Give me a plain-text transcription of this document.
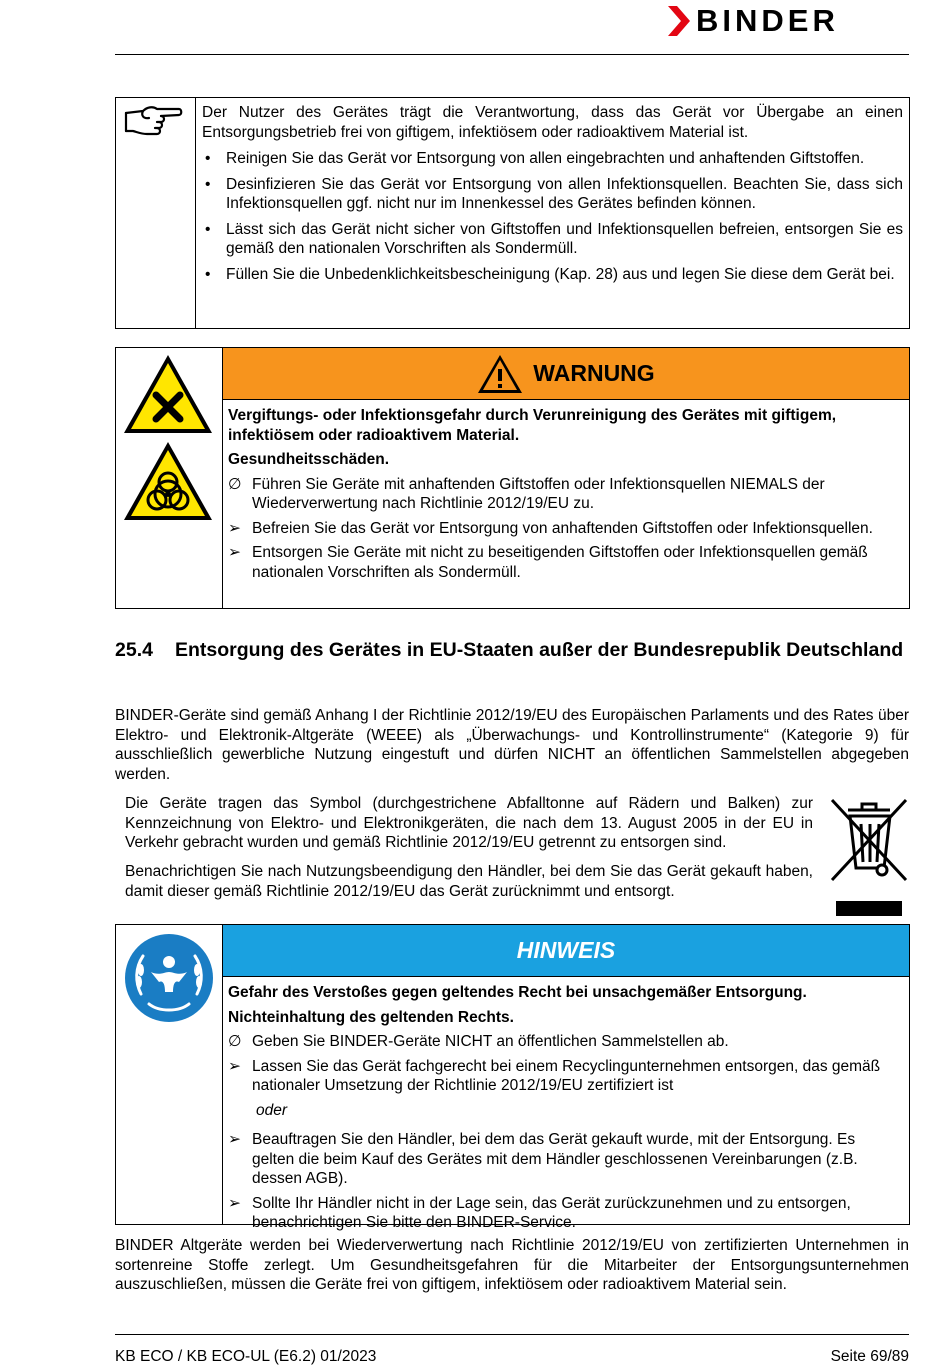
BINDER

Der Nutzer des Gerätes trägt die Verantwortung, dass das Gerät vor Übergabe an einen Entsorgungsbetrieb frei von giftigem, infektiösem oder radioaktivem Material ist.

• Reinigen Sie das Gerät vor Entsorgung von allen eingebrachten und anhaftenden Giftstoffen.
• Desinfizieren Sie das Gerät vor Entsorgung von allen Infektionsquellen. Beachten Sie, dass sich Infektionsquellen ggf. nicht nur im Innenkessel des Gerätes befinden können.
• Lässt sich das Gerät nicht sicher von Giftstoffen und Infektionsquellen befreien, entsorgen Sie es gemäß den nationalen Vorschriften als Sondermüll.
• Füllen Sie die Unbedenklichkeitsbescheinigung (Kap. 28) aus und legen Sie diese dem Gerät bei.
WARNUNG

Vergiftungs- oder Infektionsgefahr durch Verunreinigung des Gerätes mit giftigem, infektiösem oder radioaktivem Material.

Gesundheitsschäden.

∅ Führen Sie Geräte mit anhaftenden Giftstoffen oder Infektionsquellen NIEMALS der Wiederverwertung nach Richtlinie 2012/19/EU zu.
➢ Befreien Sie das Gerät vor Entsorgung von anhaftenden Giftstoffen oder Infektionsquellen.
➢ Entsorgen Sie Geräte mit nicht zu beseitigenden Giftstoffen oder Infektionsquellen gemäß nationalen Vorschriften als Sondermüll.
25.4 Entsorgung des Gerätes in EU-Staaten außer der Bundesrepublik Deutschland

BINDER-Geräte sind gemäß Anhang I der Richtlinie 2012/19/EU des Europäischen Parlaments und des Rates über Elektro- und Elektronik-Altgeräte (WEEE) als „Überwachungs- und Kontrollinstrumente“ (Kategorie 9) für ausschließlich gewerbliche Nutzung eingestuft und dürfen NICHT an öffentlichen Sammelstellen abgegeben werden.

Die Geräte tragen das Symbol (durchgestrichene Abfalltonne auf Rädern und Balken) zur Kennzeichnung von Elektro- und Elektronikgeräten, die nach dem 13. August 2005 in der EU in Verkehr gebracht wurden und gemäß Richtlinie 2012/19/EU getrennt zu entsorgen sind.

Benachrichtigen Sie nach Nutzungsbeendigung den Händler, bei dem Sie das Gerät gekauft haben, damit dieser gemäß Richtlinie 2012/19/EU das Gerät zurücknimmt und entsorgt.

HINWEIS

Gefahr des Verstoßes gegen geltendes Recht bei unsachgemäßer Entsorgung.

Nichteinhaltung des geltenden Rechts.

∅ Geben Sie BINDER-Geräte NICHT an öffentlichen Sammelstellen ab.
➢ Lassen Sie das Gerät fachgerecht bei einem Recyclingunternehmen entsorgen, das gemäß nationaler Umsetzung der Richtlinie 2012/19/EU zertifiziert ist
oder
➢ Beauftragen Sie den Händler, bei dem das Gerät gekauft wurde, mit der Entsorgung. Es gelten die beim Kauf des Gerätes mit dem Händler geschlossenen Vereinbarungen (z.B. dessen AGB).
➢ Sollte Ihr Händler nicht in der Lage sein, das Gerät zurückzunehmen und zu entsorgen, benachrichtigen Sie bitte den BINDER-Service.

BINDER Altgeräte werden bei Wiederverwertung nach Richtlinie 2012/19/EU von zertifizierten Unternehmen in sortenreine Stoffe zerlegt. Um Gesundheitsgefahren für die Mitarbeiter der Entsorgungsunternehmen auszuschließen, müssen die Geräte frei von giftigem, infektiösem oder radioaktivem Material sein.

KB ECO / KB ECO-UL (E6.2) 01/2023	Seite 69/89
